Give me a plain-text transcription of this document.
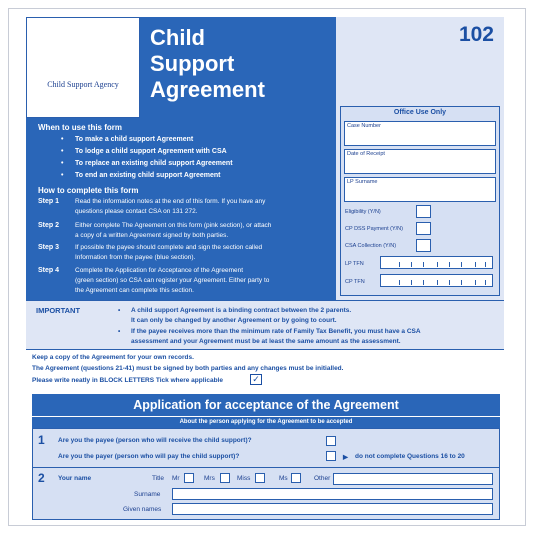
Child Support Agency
Child
Support
Agreement
102
Office Use Only
Case Number
Date of Receipt
LP Surname
Eligibility (Y/N)
CP DSS Payment (Y/N)
CSA Collection (Y/N)
LP TFN
CP TFN
When to use this form
• To make a child support Agreement
• To lodge a child support Agreement with CSA
• To replace an existing child support Agreement
• To end an existing child support Agreement
How to complete this form
Step 1 Read the information notes at the end of this form. If you have any
questions please contact CSA on 131 272.
Step 2 Either complete The Agreement on this form (pink section), or attach
a copy of a written Agreement signed by both parties.
Step 3 If possible the payee should complete and sign the section called
Information from the payee (blue section).
Step 4 Complete the Application for Acceptance of the Agreement
(green section) so CSA can register your Agreement. Either party to
the Agreement can complete this section.
IMPORTANT	• A child support Agreement is a binding contract between the 2 parents.
It can only be changed by another Agreement or by going to court.
• If the payee receives more than the minimum rate of Family Tax Benefit, you must have a CSA
assessment and your Agreement must be at least the same amount as the assessment.
Keep a copy of the Agreement for your own records.
The Agreement (questions 21-41) must be signed by both parties and any changes must be initialled.
Please write neatly in BLOCK LETTERS Tick where applicable	✓
Application for acceptance of the Agreement
About the person applying for the Agreement to be accepted
1 Are you the payee (person who will receive the child support)?
Are you the payer (person who will pay the child support)?	▶ do not complete Questions 16 to 20
2 Your name	Title Mr	Mrs	Miss	Ms	Other
Surname
Given names
